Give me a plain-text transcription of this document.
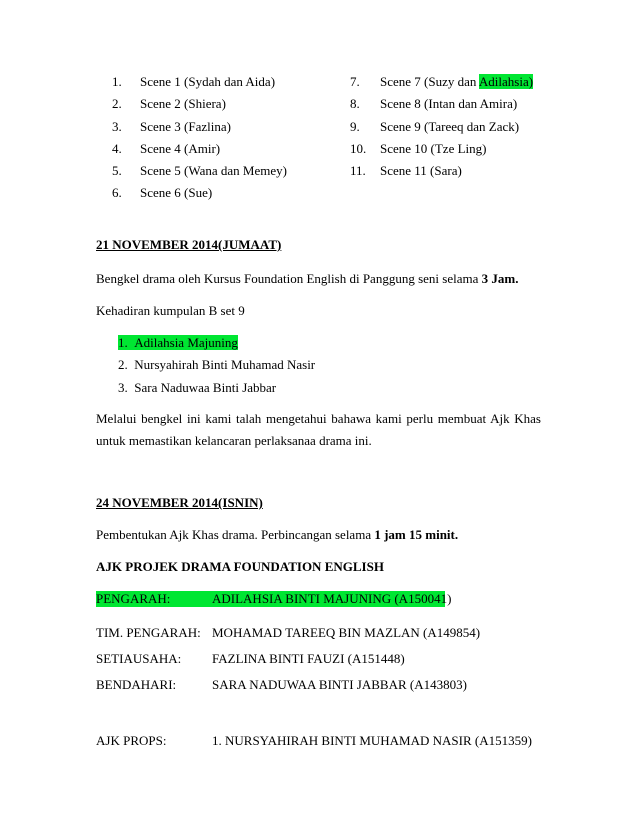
1. Scene 1 (Sydah dan Aida)
2. Scene 2 (Shiera)
3. Scene 3 (Fazlina)
4. Scene 4 (Amir)
5. Scene 5 (Wana dan Memey)
6. Scene 6 (Sue)
7. Scene 7 (Suzy dan Adilahsia)
8. Scene 8 (Intan dan Amira)
9. Scene 9 (Tareeq dan Zack)
10. Scene 10 (Tze Ling)
11. Scene 11 (Sara)
21 NOVEMBER 2014(JUMAAT)
Bengkel drama oleh Kursus Foundation English di Panggung seni selama 3 Jam.
Kehadiran kumpulan B set 9
1. Adilahsia Majuning
2. Nursyahirah Binti Muhamad Nasir
3. Sara Naduwaa Binti Jabbar
Melalui bengkel ini kami talah mengetahui bahawa kami perlu membuat Ajk Khas
untuk memastikan kelancaran perlaksanaa drama ini.
24 NOVEMBER 2014(ISNIN)
Pembentukan Ajk Khas drama. Perbincangan selama 1 jam 15 minit.
AJK PROJEK DRAMA FOUNDATION ENGLISH

PENGARAH:	ADILAHSIA BINTI MAJUNING (A150041)
TIM. PENGARAH: MOHAMAD TAREEQ BIN MAZLAN (A149854)
SETIAUSAHA: FAZLINA BINTI FAUZI (A151448)
BENDAHARI:	SARA NADUWAA BINTI JABBAR (A143803)
AJK PROPS:	1. NURSYAHIRAH BINTI MUHAMAD NASIR (A151359)
